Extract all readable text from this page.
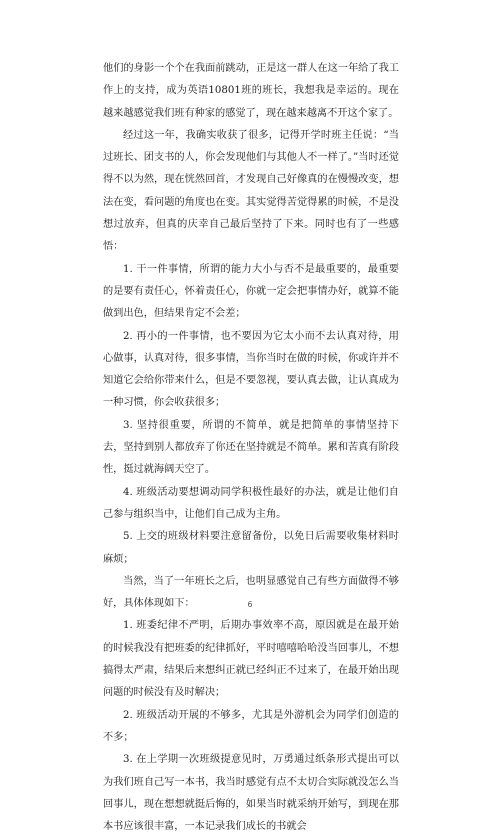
他们的身影一个个在我面前跳动，正是这一群人在这一年给了我工作上的支持，成为英语10801班的班长，我想我是幸运的。现在越来越感觉我们班有种家的感觉了，现在越来越离不开这个家了。

经过这一年，我确实收获了很多，记得开学时班主任说：“当过班长、团支书的人，你会发现他们与其他人不一样了。”当时还觉得不以为然，现在恍然回首，才发现自己好像真的在慢慢改变，想法在变，看问题的角度也在变。其实觉得苦觉得累的时候，不是没想过放弃，但真的庆幸自己最后坚持了下来。同时也有了一些感悟：

1. 干一件事情，所谓的能力大小与否不是最重要的，最重要的是要有责任心，怀着责任心，你就一定会把事情办好，就算不能做到出色，但结果肯定不会差；

2. 再小的一件事情，也不要因为它太小而不去认真对待，用心做事，认真对待，很多事情，当你当时在做的时候，你或许并不知道它会给你带来什么，但是不要忽视，要认真去做，让认真成为一种习惯，你会收获很多；

3. 坚持很重要，所谓的不简单，就是把简单的事情坚持下去，坚持到别人都放弃了你还在坚持就是不简单。累和苦真有阶段性，挺过就海阔天空了。

4. 班级活动要想调动同学积极性最好的办法，就是让他们自己参与组织当中，让他们自己成为主角。

5. 上交的班级材料要注意留备份，以免日后需要收集材料时麻烦；

当然，当了一年班长之后，也明显感觉自己有些方面做得不够好，具体体现如下：

1. 班委纪律不严明，后期办事效率不高，原因就是在最开始的时候我没有把班委的纪律抓好，平时嘻嘻哈哈没当回事儿，不想搞得太严肃，结果后来想纠正就已经纠正不过来了，在最开始出现问题的时候没有及时解决；

2. 班级活动开展的不够多，尤其是外游机会为同学们创造的不多；

3. 在上学期一次班级提意见时，万勇通过纸条形式提出可以为我们班自己写一本书，我当时感觉有点不太切合实际就没怎么当回事儿，现在想想就挺后悔的，如果当时就采纳开始写，到现在那本书应该很丰富，一本记录我们成长的书就会

6
